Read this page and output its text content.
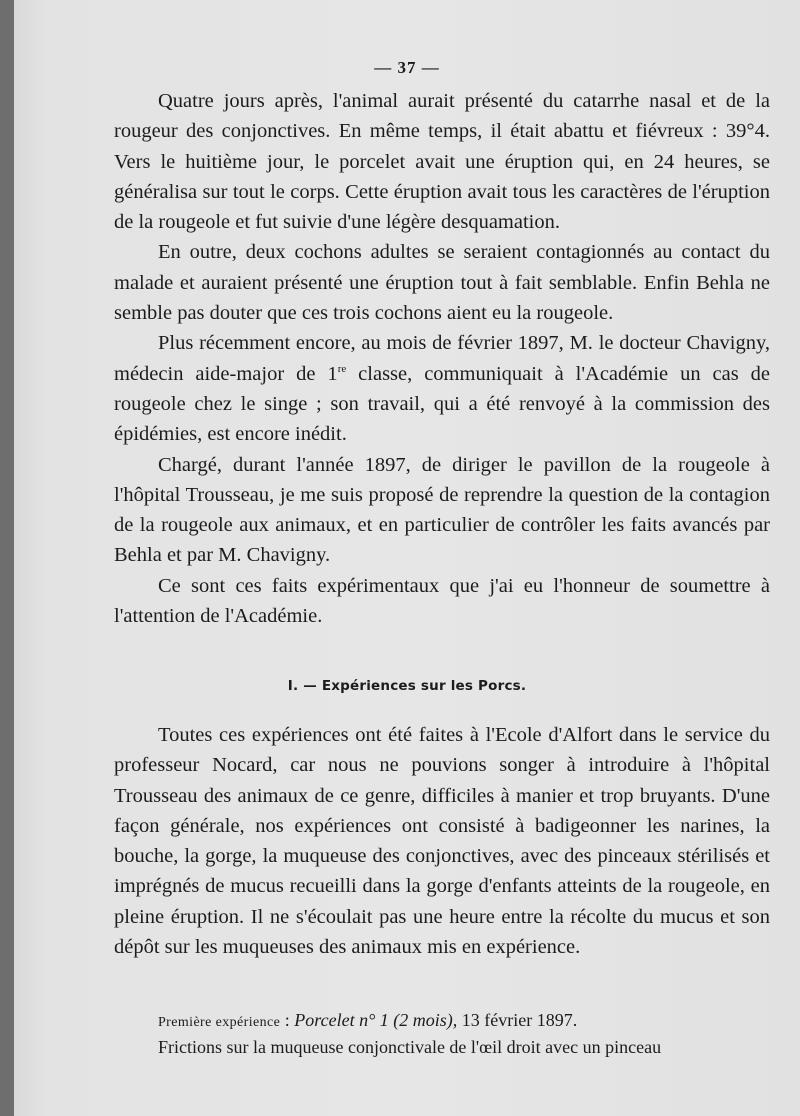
— 37 —

Quatre jours après, l'animal aurait présenté du catarrhe nasal et de la rougeur des conjonctives. En même temps, il était abattu et fiévreux : 39°4. Vers le huitième jour, le porcelet avait une éruption qui, en 24 heures, se généralisa sur tout le corps. Cette éruption avait tous les caractères de l'éruption de la rougeole et fut suivie d'une légère desquamation.

En outre, deux cochons adultes se seraient contagionnés au contact du malade et auraient présenté une éruption tout à fait semblable. Enfin Behla ne semble pas douter que ces trois cochons aient eu la rougeole.

Plus récemment encore, au mois de février 1897, M. le docteur Chavigny, médecin aide-major de 1re classe, communiquait à l'Académie un cas de rougeole chez le singe ; son travail, qui a été renvoyé à la commission des épidémies, est encore inédit.

Chargé, durant l'année 1897, de diriger le pavillon de la rougeole à l'hôpital Trousseau, je me suis proposé de reprendre la question de la contagion de la rougeole aux animaux, et en particulier de contrôler les faits avancés par Behla et par M. Chavigny.

Ce sont ces faits expérimentaux que j'ai eu l'honneur de soumettre à l'attention de l'Académie.

I. — Expériences sur les Porcs.

Toutes ces expériences ont été faites à l'Ecole d'Alfort dans le service du professeur Nocard, car nous ne pouvions songer à introduire à l'hôpital Trousseau des animaux de ce genre, difficiles à manier et trop bruyants. D'une façon générale, nos expériences ont consisté à badigeonner les narines, la bouche, la gorge, la muqueuse des conjonctives, avec des pinceaux stérilisés et imprégnés de mucus recueilli dans la gorge d'enfants atteints de la rougeole, en pleine éruption. Il ne s'écoulait pas une heure entre la récolte du mucus et son dépôt sur les muqueuses des animaux mis en expérience.

Première expérience : Porcelet n° 1 (2 mois), 13 février 1897.

Frictions sur la muqueuse conjonctivale de l'œil droit avec un pinceau
